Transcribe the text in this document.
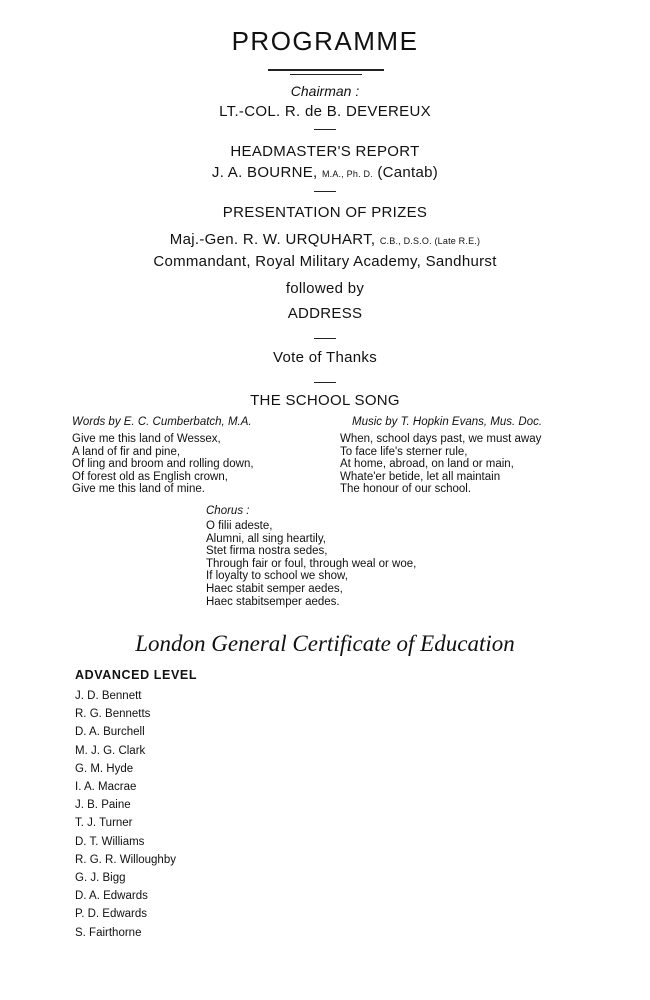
PROGRAMME
Chairman :
LT.-COL. R. de B. DEVEREUX
HEADMASTER'S REPORT
J. A. BOURNE, M.A., Ph. D. (Cantab)
PRESENTATION OF PRIZES
Maj.-Gen. R. W. URQUHART, C.B., D.S.O. (Late R.E.)
Commandant, Royal Military Academy, Sandhurst
followed by
ADDRESS
Vote of Thanks
THE SCHOOL SONG
Words by E. C. Cumberbatch, M.A.	Music by T. Hopkin Evans, Mus. Doc.
Give me this land of Wessex,
A land of fir and pine,
Of ling and broom and rolling down,
Of forest old as English crown,
Give me this land of mine.
When, school days past, we must away
To face life's sterner rule,
At home, abroad, on land or main,
Whate'er betide, let all maintain
The honour of our school.
Chorus :
O filii adeste,
Alumni, all sing heartily,
Stet firma nostra sedes,
Through fair or foul, through weal or woe,
If loyalty to school we show,
Haec stabit semper aedes,
Haec stabitsemper aedes.
London General Certificate of Education
ADVANCED LEVEL
J. D. Bennett
R. G. Bennetts
D. A. Burchell
M. J. G. Clark
G. M. Hyde
I. A. Macrae
J. B. Paine
T. J. Turner
D. T. Williams
R. G. R. Willoughby
G. J. Bigg
D. A. Edwards
P. D. Edwards
S. Fairthorne
